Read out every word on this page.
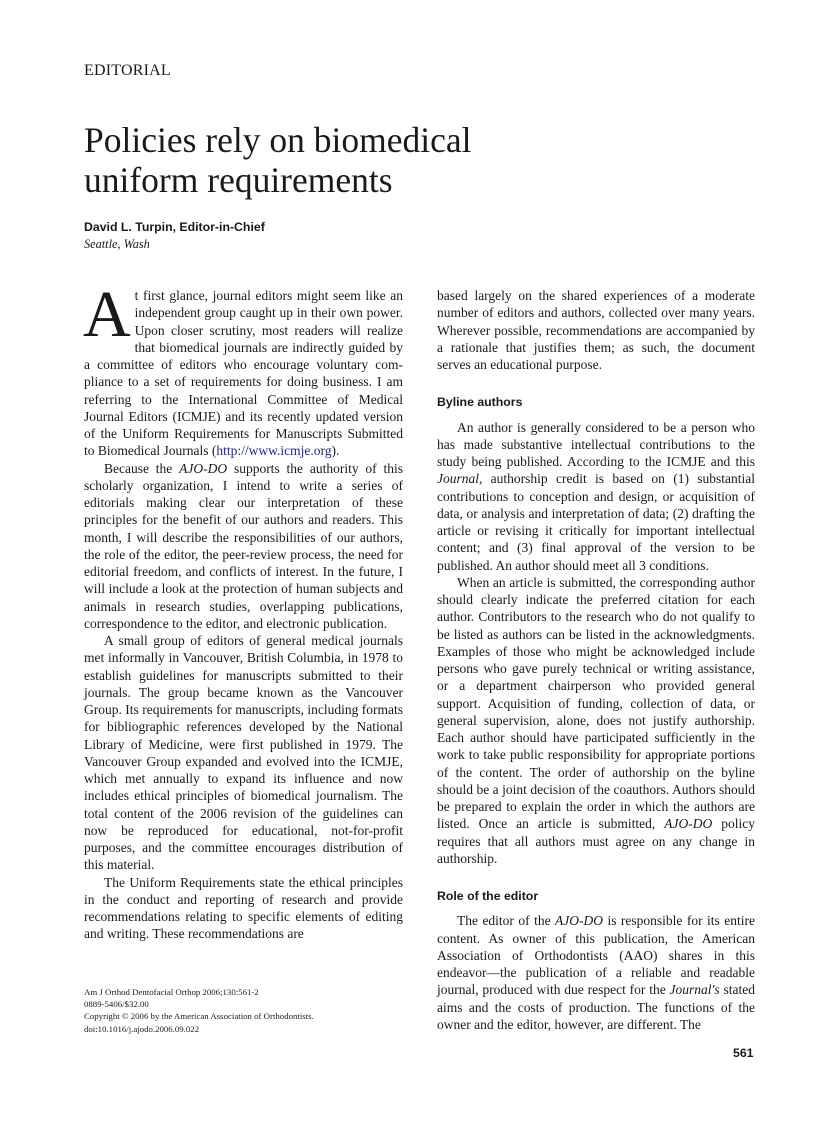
EDITORIAL
Policies rely on biomedical
uniform requirements
David L. Turpin, Editor-in-Chief
Seattle, Wash

At first glance, journal editors might seem like an independent group caught up in their own power. Upon closer scrutiny, most readers will realize that biomedical journals are indirectly guided by a committee of editors who encourage voluntary compliance to a set of requirements for doing business. I am referring to the International Committee of Medical Journal Editors (ICMJE) and its recently updated version of the Uniform Requirements for Manuscripts Submitted to Biomedical Journals (http://www.icmje.org).

Because the AJO-DO supports the authority of this scholarly organization, I intend to write a series of editorials making clear our interpretation of these principles for the benefit of our authors and readers. This month, I will describe the responsibilities of our authors, the role of the editor, the peer-review process, the need for editorial freedom, and conflicts of interest. In the future, I will include a look at the protection of human subjects and animals in research studies, overlapping publications, correspondence to the editor, and electronic publication.

A small group of editors of general medical journals met informally in Vancouver, British Columbia, in 1978 to establish guidelines for manuscripts submitted to their journals. The group became known as the Vancouver Group. Its requirements for manuscripts, including formats for bibliographic references developed by the National Library of Medicine, were first published in 1979. The Vancouver Group expanded and evolved into the ICMJE, which met annually to expand its influence and now includes ethical principles of biomedical journalism. The total content of the 2006 revision of the guidelines can now be reproduced for educational, not-for-profit purposes, and the committee encourages distribution of this material.

The Uniform Requirements state the ethical principles in the conduct and reporting of research and provide recommendations relating to specific elements of editing and writing. These recommendations are

based largely on the shared experiences of a moderate number of editors and authors, collected over many years. Wherever possible, recommendations are accompanied by a rationale that justifies them; as such, the document serves an educational purpose.

Byline authors

An author is generally considered to be a person who has made substantive intellectual contributions to the study being published. According to the ICMJE and this Journal, authorship credit is based on (1) substantial contributions to conception and design, or acquisition of data, or analysis and interpretation of data; (2) drafting the article or revising it critically for important intellectual content; and (3) final approval of the version to be published. An author should meet all 3 conditions.

When an article is submitted, the corresponding author should clearly indicate the preferred citation for each author. Contributors to the research who do not qualify to be listed as authors can be listed in the acknowledgments. Examples of those who might be acknowledged include persons who gave purely technical or writing assistance, or a department chairperson who provided general support. Acquisition of funding, collection of data, or general supervision, alone, does not justify authorship. Each author should have participated sufficiently in the work to take public responsibility for appropriate portions of the content. The order of authorship on the byline should be a joint decision of the coauthors. Authors should be prepared to explain the order in which the authors are listed. Once an article is submitted, AJO-DO policy requires that all authors must agree on any change in authorship.

Role of the editor

The editor of the AJO-DO is responsible for its entire content. As owner of this publication, the American Association of Orthodontists (AAO) shares in this endeavor—the publication of a reliable and readable journal, produced with due respect for the Journal's stated aims and the costs of production. The functions of the owner and the editor, however, are different. The

Am J Orthod Dentofacial Orthop 2006;130:561-2
0889-5406/$32.00
Copyright © 2006 by the American Association of Orthodontists.
doi:10.1016/j.ajodo.2006.09.022
561
